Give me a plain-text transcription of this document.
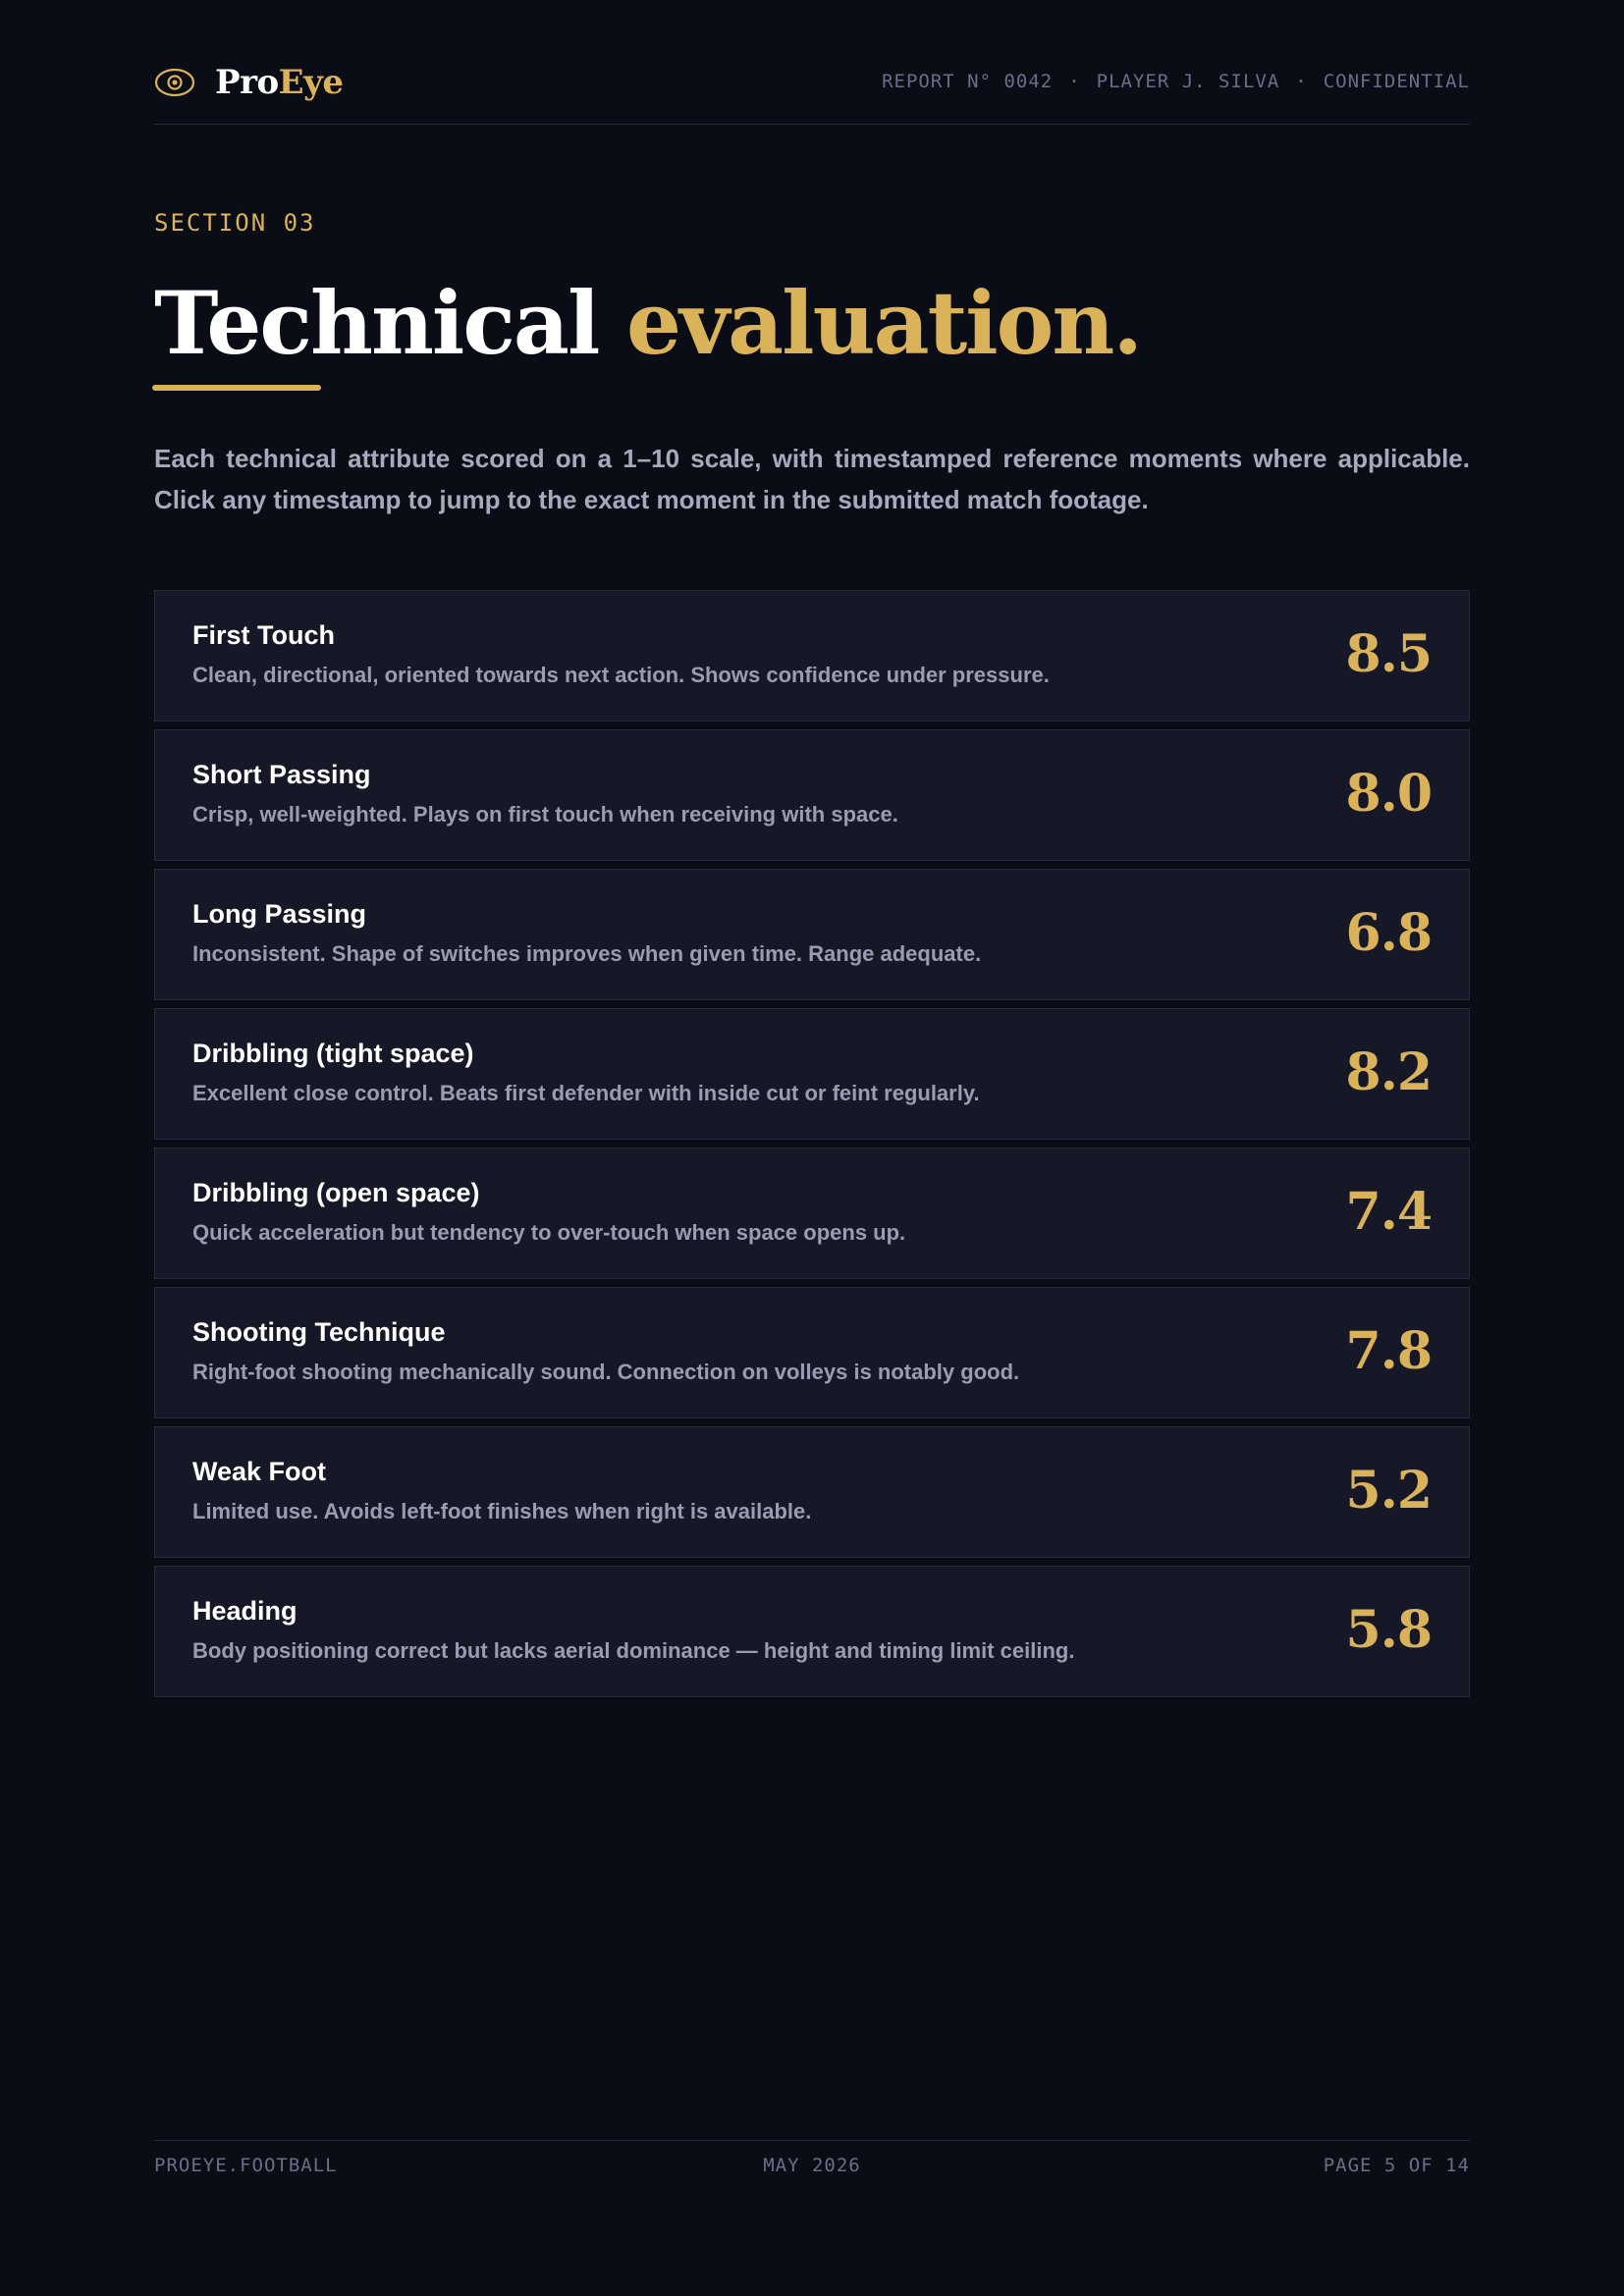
ProEye	REPORT N° 0042 · PLAYER J. SILVA · CONFIDENTIAL
SECTION 03
Technical evaluation.
Each technical attribute scored on a 1–10 scale, with timestamped reference moments where applicable. Click any timestamp to jump to the exact moment in the submitted match footage.
First Touch
Clean, directional, oriented towards next action. Shows confidence under pressure.	8.5
Short Passing
Crisp, well-weighted. Plays on first touch when receiving with space.	8.0
Long Passing
Inconsistent. Shape of switches improves when given time. Range adequate.	6.8
Dribbling (tight space)
Excellent close control. Beats first defender with inside cut or feint regularly.	8.2
Dribbling (open space)
Quick acceleration but tendency to over-touch when space opens up.	7.4
Shooting Technique
Right-foot shooting mechanically sound. Connection on volleys is notably good.	7.8
Weak Foot
Limited use. Avoids left-foot finishes when right is available.	5.2
Heading
Body positioning correct but lacks aerial dominance — height and timing limit ceiling.	5.8
PROEYE.FOOTBALL	MAY 2026	PAGE 5 OF 14
